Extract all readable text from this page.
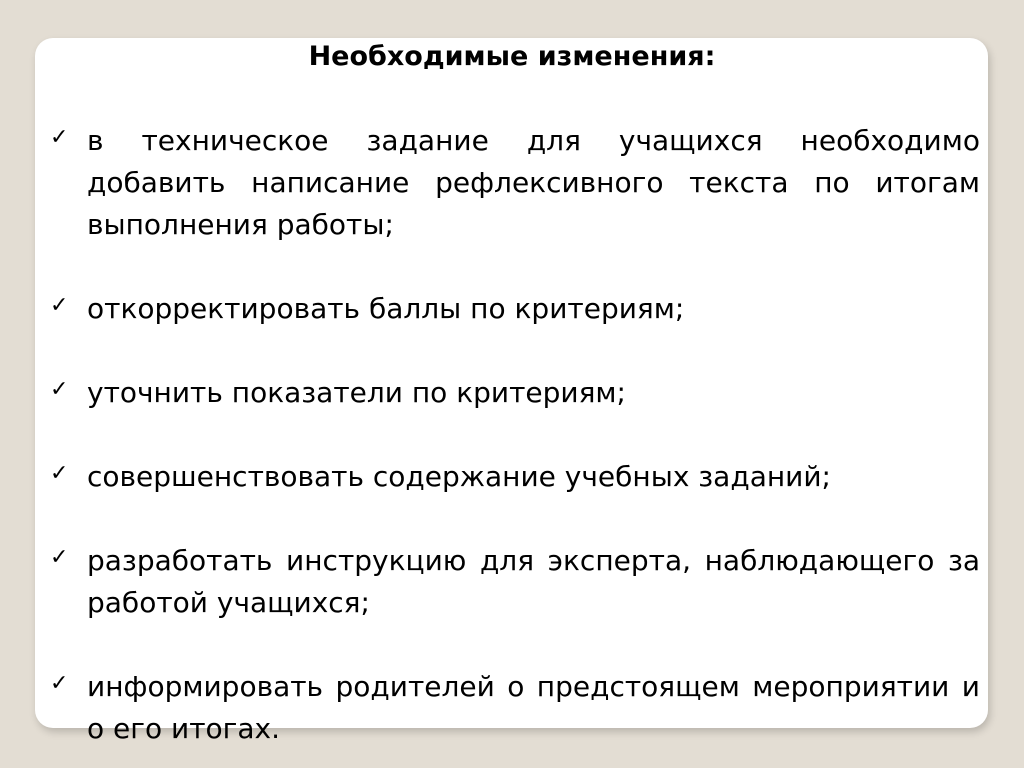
Необходимые изменения:
✓ в техническое задание для учащихся необходимо добавить написание рефлексивного текста по итогам выполнения работы;
✓ откорректировать баллы по критериям;
✓ уточнить показатели по критериям;
✓ совершенствовать содержание учебных заданий;
✓ разработать инструкцию для эксперта, наблюдающего за работой учащихся;
✓ информировать родителей о предстоящем мероприятии и о его итогах.
